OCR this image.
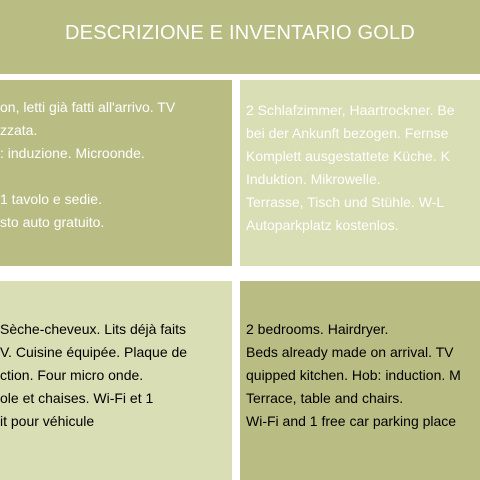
DESCRIZIONE E INVENTARIO GOLD
on, letti già fatti all'arrivo. TV
zzata.
: induzione. Microonde.
1 tavolo e sedie.
sto auto gratuito.
2 Schlafzimmer, Haartrockner. Be
bei der Ankunft bezogen. Fernse
Komplett ausgestattete Küche. K
Induktion. Mikrowelle.
Terrasse, Tisch und Stühle. W-L
Autoparkplatz kostenlos.
Sèche-cheveux. Lits déjà faits
V. Cuisine équipée. Plaque de
ction. Four micro onde.
ole et chaises. Wi-Fi et 1
it pour véhicule
2 bedrooms. Hairdryer.
Beds already made on arrival. TV
quipped kitchen. Hob: induction. M
Terrace, table and chairs.
Wi-Fi and 1 free car parking place
